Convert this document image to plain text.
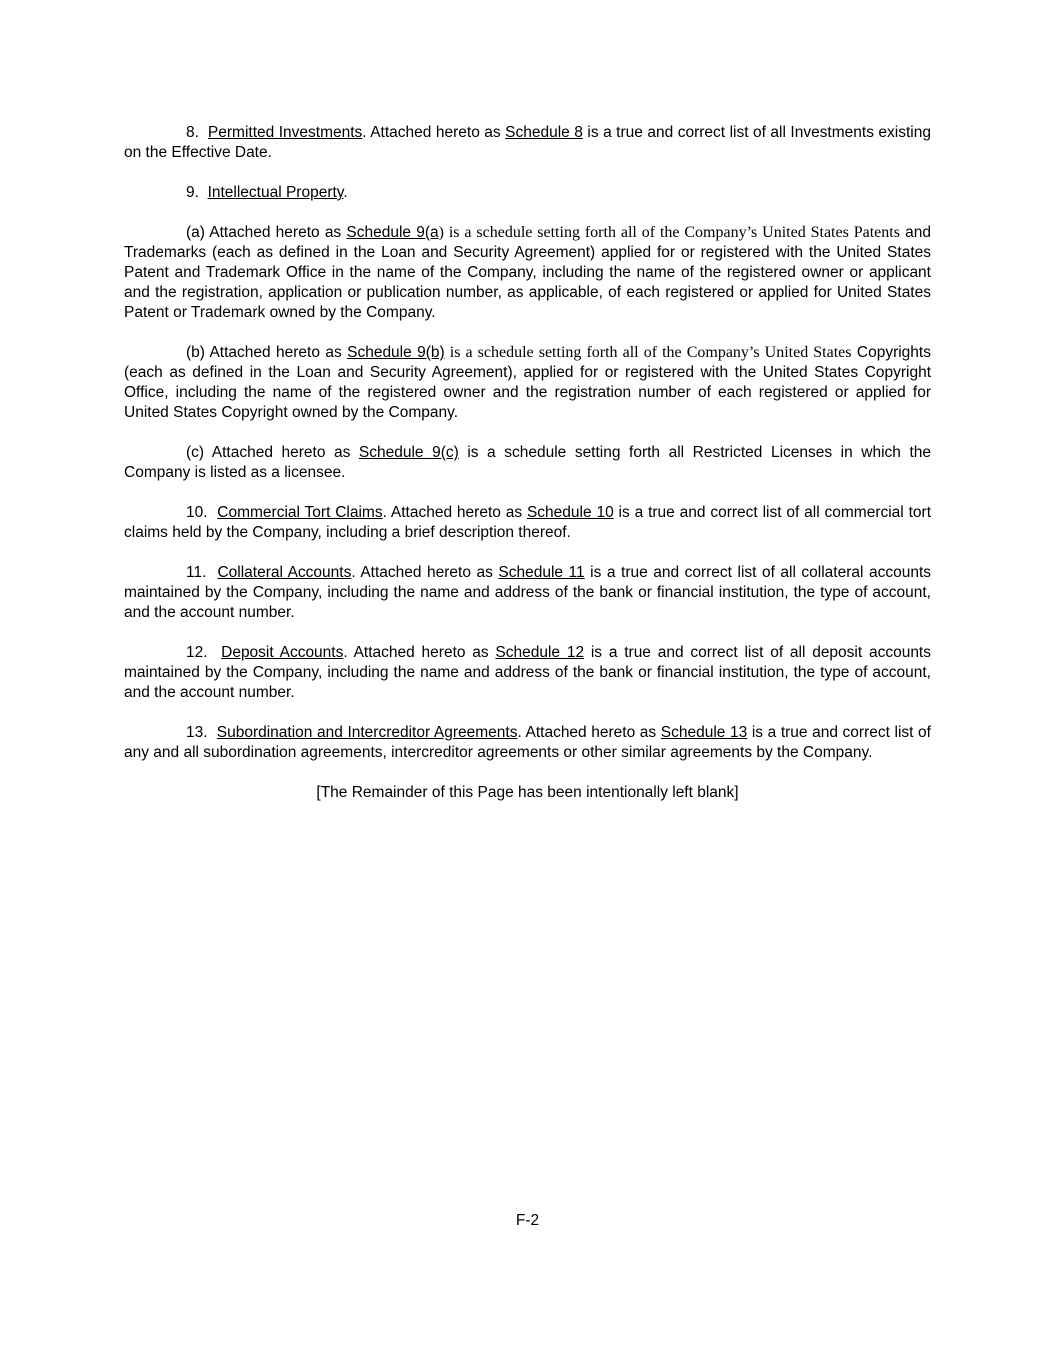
8. Permitted Investments. Attached hereto as Schedule 8 is a true and correct list of all Investments existing on the Effective Date.

9. Intellectual Property.

(a) Attached hereto as Schedule 9(a) is a schedule setting forth all of the Company’s United States Patents and Trademarks (each as defined in the Loan and Security Agreement) applied for or registered with the United States Patent and Trademark Office in the name of the Company, including the name of the registered owner or applicant and the registration, application or publication number, as applicable, of each registered or applied for United States Patent or Trademark owned by the Company.

(b) Attached hereto as Schedule 9(b) is a schedule setting forth all of the Company’s United States Copyrights (each as defined in the Loan and Security Agreement), applied for or registered with the United States Copyright Office, including the name of the registered owner and the registration number of each registered or applied for United States Copyright owned by the Company.

(c) Attached hereto as Schedule 9(c) is a schedule setting forth all Restricted Licenses in which the Company is listed as a licensee.

10. Commercial Tort Claims. Attached hereto as Schedule 10 is a true and correct list of all commercial tort claims held by the Company, including a brief description thereof.

11. Collateral Accounts. Attached hereto as Schedule 11 is a true and correct list of all collateral accounts maintained by the Company, including the name and address of the bank or financial institution, the type of account, and the account number.

12. Deposit Accounts. Attached hereto as Schedule 12 is a true and correct list of all deposit accounts maintained by the Company, including the name and address of the bank or financial institution, the type of account, and the account number.

13. Subordination and Intercreditor Agreements. Attached hereto as Schedule 13 is a true and correct list of any and all subordination agreements, intercreditor agreements or other similar agreements by the Company.

[The Remainder of this Page has been intentionally left blank]

F-2
